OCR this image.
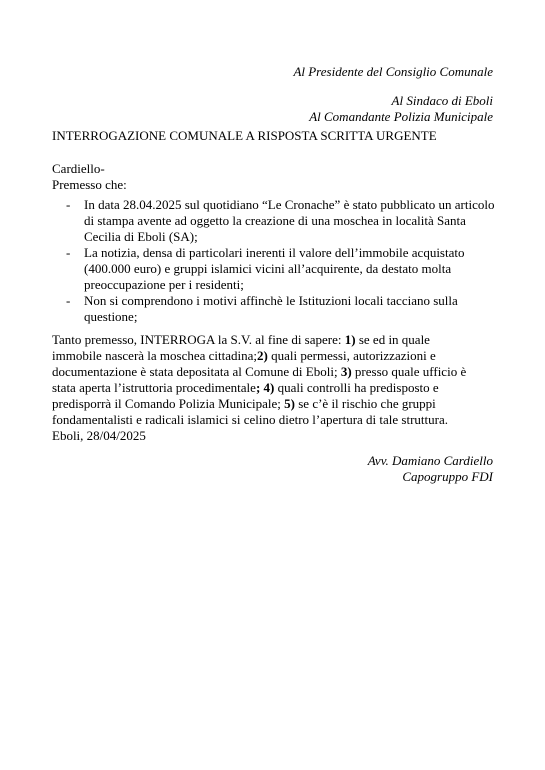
Al Presidente del Consiglio Comunale
Al Sindaco di Eboli
Al Comandante Polizia Municipale
INTERROGAZIONE COMUNALE A RISPOSTA SCRITTA URGENTE
Cardiello-
Premesso che:
- In data 28.04.2025 sul quotidiano “Le Cronache” è stato pubblicato un articolo di stampa avente ad oggetto la creazione di una moschea in località Santa Cecilia di Eboli (SA);
- La notizia, densa di particolari inerenti il valore dell’immobile acquistato (400.000 euro) e gruppi islamici vicini all’acquirente, da destato molta preoccupazione per i residenti;
- Non si comprendono i motivi affinchè le Istituzioni locali tacciano sulla questione;
Tanto premesso, INTERROGA la S.V. al fine di sapere: 1) se ed in quale
immobile nascerà la moschea cittadina;2) quali permessi, autorizzazioni e
documentazione è stata depositata al Comune di Eboli; 3) presso quale ufficio è
stata aperta l’istruttoria procedimentale; 4) quali controlli ha predisposto e
predisporrà il Comando Polizia Municipale; 5) se c’è il rischio che gruppi
fondamentalisti e radicali islamici si celino dietro l’apertura di tale struttura.
Eboli, 28/04/2025
Avv. Damiano Cardiello
Capogruppo FDI
